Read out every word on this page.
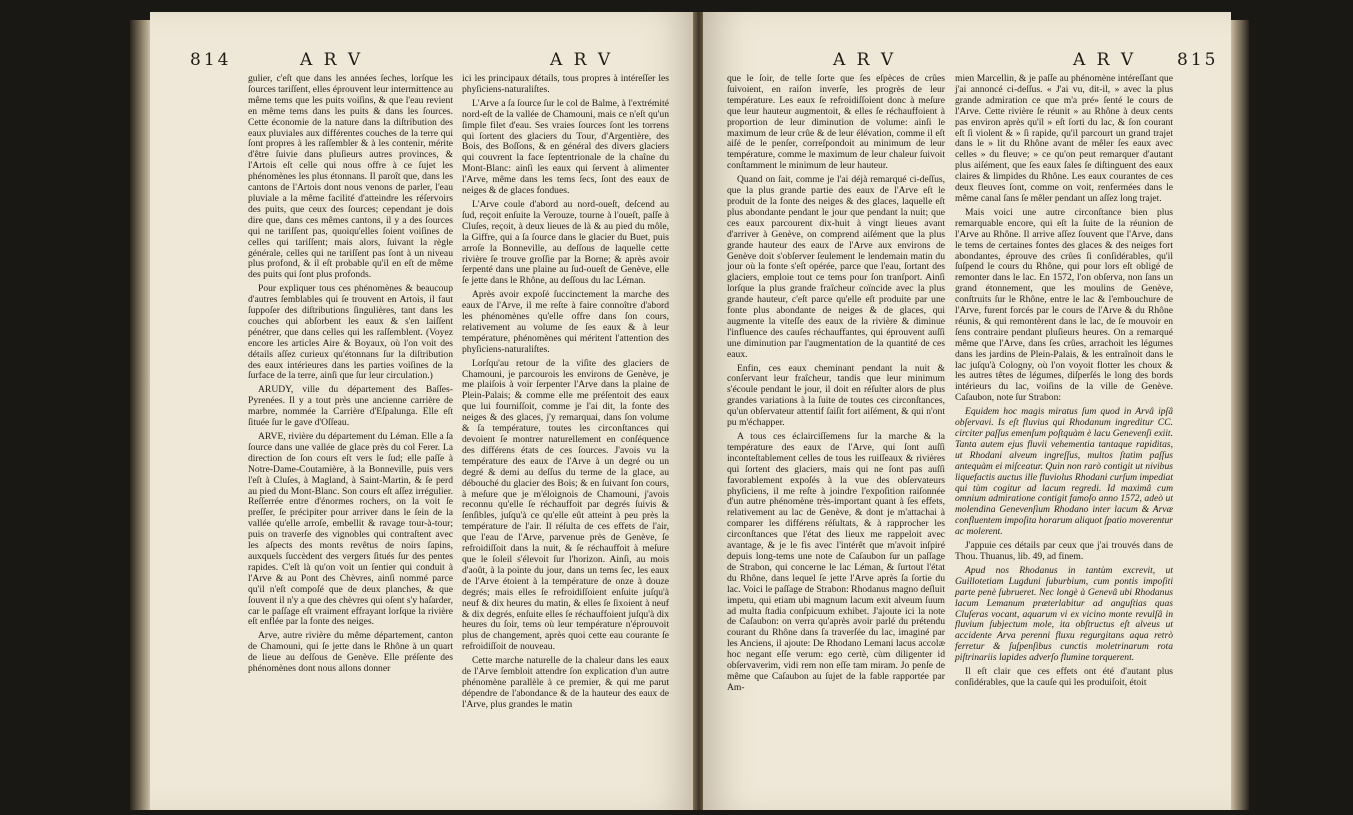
814	A R V	A R V

gulier, c'eſt que dans les années ſeches, lorſque les ſources tariſſent, elles éprouvent leur intermittence au même tems que les puits voiſins, & que l'eau revient en même tems dans les puits & dans les ſources. Cette économie de la nature dans la diſtribution des eaux pluviales aux différentes couches de la terre qui ſont propres à les raſſembler & à les contenir, mérite d'être ſuivie dans pluſieurs autres provinces, & l'Artois eſt celle qui nous offre à ce ſujet les phénomènes les plus étonnans. Il paroît que, dans les cantons de l'Artois dont nous venons de parler, l'eau pluviale a la même facilité d'atteindre les réſervoirs des puits, que ceux des ſources; cependant je dois dire que, dans ces mêmes cantons, il y a des ſources qui ne tariſſent pas, quoiqu'elles ſoient voiſines de celles qui tariſſent; mais alors, ſuivant la règle générale, celles qui ne tariſſent pas ſont à un niveau plus profond, & il eſt probable qu'il en eſt de même des puits qui ſont plus profonds.

Pour expliquer tous ces phénomènes & beaucoup d'autres ſemblables qui ſe trouvent en Artois, il faut ſuppoſer des diſtributions ſingulières, tant dans les couches qui abſorbent les eaux & s'en laiſſent pénétrer, que dans celles qui les raſſemblent. (Voyez encore les articles Aire & Boyaux, où l'on voit des détails aſſez curieux qu'étonnans ſur la diſtribution des eaux intérieures dans les parties voiſines de la ſurface de la terre, ainſi que ſur leur circulation.)

ARUDY, ville du département des Baſſes-Pyrenées. Il y a tout près une ancienne carrière de marbre, nommée la Carrière d'Eſpalunga. Elle eſt ſituée ſur le gave d'Oſſeau.

ARVE, rivière du département du Léman. Elle a ſa ſource dans une vallée de glace près du col Ferer. La direction de ſon cours eſt vers le ſud; elle paſſe à Notre-Dame-Coutamière, à la Bonneville, puis vers l'eſt à Cluſes, à Magland, à Saint-Martin, & ſe perd au pied du Mont-Blanc. Son cours eſt aſſez irrégulier. Reſſerrée entre d'énormes rochers, on la voit ſe preſſer, ſe précipiter pour arriver dans le ſein de la vallée qu'elle arroſe, embellit & ravage tour-à-tour; puis on traverſe des vignobles qui contraſtent avec les aſpects des monts revêtus de noirs ſapins, auxquels ſuccèdent des vergers ſitués ſur des pentes rapides. C'eſt là qu'on voit un ſentier qui conduit à l'Arve & au Pont des Chèvres, ainſi nommé parce qu'il n'eſt compoſé que de deux planches, & que ſouvent il n'y a que des chèvres qui oſent s'y haſarder, car le paſſage eſt vraiment effrayant lorſque la rivière eſt enflée par la fonte des neiges.

Arve, autre rivière du même département, canton de Chamouni, qui ſe jette dans le Rhône à un quart de lieue au deſſous de Genève. Elle préſente des phénomènes dont nous allons donner

ici les principaux détails, tous propres à intéreſſer les phyſiciens-naturaliſtes.

L'Arve a ſa ſource ſur le col de Balme, à l'extrémité nord-eſt de la vallée de Chamouni, mais ce n'eſt qu'un ſimple filet d'eau. Ses vraies ſources ſont les torrens qui ſortent des glaciers du Tour, d'Argentière, des Bois, des Boſſons, & en général des divers glaciers qui couvrent la face ſeptentrionale de la chaîne du Mont-Blanc: ainſi les eaux qui ſervent à alimenter l'Arve, même dans les tems ſecs, ſont des eaux de neiges & de glaces fondues.

L'Arve coule d'abord au nord-oueſt, deſcend au ſud, reçoit enſuite la Verouze, tourne à l'oueſt, paſſe à Cluſes, reçoit, à deux lieues de là & au pied du môle, la Giffre, qui a ſa ſource dans le glacier du Buet, puis arroſe la Bonneville, au deſſous de laquelle cette rivière ſe trouve groſſie par la Borne; & après avoir ſerpenté dans une plaine au ſud-oueſt de Genève, elle ſe jette dans le Rhône, au deſſous du lac Léman.

Après avoir expoſé ſuccinctement la marche des eaux de l'Arve, il me reſte à faire connoître d'abord les phénomènes qu'elle offre dans ſon cours, relativement au volume de ſes eaux & à leur température, phénomènes qui méritent l'attention des phyſiciens-naturaliſtes.

Lorſqu'au retour de la viſite des glaciers de Chamouni, je parcourois les environs de Genève, je me plaiſois à voir ſerpenter l'Arve dans la plaine de Plein-Palais; & comme elle me préſentoit des eaux que lui fourniſſoit, comme je l'ai dit, la fonte des neiges & des glaces, j'y remarquai, dans ſon volume & ſa température, toutes les circonſtances qui devoient ſe montrer naturellement en conſéquence des différens états de ces ſources. J'avois vu la température des eaux de l'Arve à un degré ou un degré & demi au deſſus du terme de la glace, au débouché du glacier des Bois; & en ſuivant ſon cours, à meſure que je m'éloignois de Chamouni, j'avois reconnu qu'elle ſe réchauffoit par degrés ſuivis & ſenſibles, juſqu'à ce qu'elle eût atteint à peu près la température de l'air. Il réſulta de ces effets de l'air, que l'eau de l'Arve, parvenue près de Genève, ſe refroidiſſoit dans la nuit, & ſe réchauffoit à meſure que le ſoleil s'élevoit ſur l'horizon. Ainſi, au mois d'août, à la pointe du jour, dans un tems ſec, les eaux de l'Arve étoient à la température de onze à douze degrés; mais elles ſe refroidiſſoient enſuite juſqu'à neuf & dix heures du matin, & elles ſe ſixoient à neuf & dix degrés, enſuite elles ſe réchauffoient juſqu'à dix heures du ſoir, tems où leur température n'éprouvoit plus de changement, après quoi cette eau courante ſe refroidiſſoit de nouveau.

Cette marche naturelle de la chaleur dans les eaux de l'Arve ſembloit attendre ſon explication d'un autre phénomène parallèle à ce premier, & qui me parut dépendre de l'abondance & de la hauteur des eaux de l'Arve, plus grandes le matin

A R V	A R V 815

que le ſoir, de telle ſorte que ſes eſpèces de crûes ſuivoient, en raiſon inverſe, les progrès de leur température. Les eaux ſe refroidiſſoient donc à meſure que leur hauteur augmentoit, & elles ſe réchauffoient à proportion de leur diminution de volume: ainſi le maximum de leur crûe & de leur élévation, comme il eſt aiſé de le penſer, correſpondoit au minimum de leur température, comme le maximum de leur chaleur ſuivoit conſtamment le minimum de leur hauteur.

Quand on ſait, comme je l'ai déjà remarqué ci-deſſus, que la plus grande partie des eaux de l'Arve eſt le produit de la fonte des neiges & des glaces, laquelle eſt plus abondante pendant le jour que pendant la nuit; que ces eaux parcourent dix-huit à vingt lieues avant d'arriver à Genève, on comprend aiſément que la plus grande hauteur des eaux de l'Arve aux environs de Genève doit s'obſerver ſeulement le lendemain matin du jour où la fonte s'eſt opérée, parce que l'eau, ſortant des glaciers, emploie tout ce tems pour ſon tranſport. Ainſi lorſque la plus grande fraîcheur coïncide avec la plus grande hauteur, c'eſt parce qu'elle eſt produite par une fonte plus abondante de neiges & de glaces, qui augmente la viteſſe des eaux de la rivière & diminue l'influence des cauſes réchauffantes, qui éprouvent auſſi une diminution par l'augmentation de la quantité de ces eaux.

Enfin, ces eaux cheminant pendant la nuit & conſervant leur fraîcheur, tandis que leur minimum s'écoule pendant le jour, il doit en réſulter alors de plus grandes variations à la ſuite de toutes ces circonſtances, qu'un obſervateur attentif ſaiſit fort aiſément, & qui n'ont pu m'échapper.

A tous ces éclairciſſemens ſur la marche & la température des eaux de l'Arve, qui ſont auſſi inconteſtablement celles de tous les ruiſſeaux & rivières qui ſortent des glaciers, mais qui ne ſont pas auſſi favorablement expoſés à la vue des obſervateurs phyſiciens, il me reſte à joindre l'expoſition raiſonnée d'un autre phénomène très-important quant à ſes effets, relativement au lac de Genève, & dont je m'attachai à comparer les différens réſultats, & à rapprocher les circonſtances que l'état des lieux me rappeloit avec avantage, & je le fis avec l'intérêt que m'avoit inſpiré depuis long-tems une note de Caſaubon ſur un paſſage de Strabon, qui concerne le lac Léman, & ſurtout l'état du Rhône, dans lequel ſe jette l'Arve après ſa ſortie du lac. Voici le paſſage de Strabon: Rhodanus magno deſluit impetu, qui etiam ubi magnum lacum exit alveum ſuum ad multa ſtadia conſpicuum exhibet. J'ajoute ici la note de Caſaubon: on verra qu'après avoir parlé du prétendu courant du Rhône dans ſa traverſée du lac, imaginé par les Anciens, il ajoute: De Rhodano Lemani lacus accolæ hoc negant eſſe verum: ego certè, cùm diligenter id obſervaverim, vidi rem non eſſe tam miram. Jo penſe de même que Caſaubon au ſujet de la fable rapportée par Am-

mien Marcellin, & je paſſe au phénomène intéreſſant que j'ai annoncé ci-deſſus. « J'ai vu, dit-il, » avec la plus grande admiration ce que m'a pré» ſenté le cours de l'Arve. Cette rivière ſe réunit » au Rhône à deux cents pas environ après qu'il » eſt ſorti du lac, & ſon courant eſt ſi violent & » ſi rapide, qu'il parcourt un grand trajet dans le » lit du Rhône avant de mêler ſes eaux avec celles » du fleuve; » ce qu'on peut remarquer d'autant plus aiſément, que ſes eaux ſales ſe diſtinguent des eaux claires & limpides du Rhône. Les eaux courantes de ces deux fleuves ſont, comme on voit, renfermées dans le même canal ſans ſe mêler pendant un aſſez long trajet.

Mais voici une autre circonſtance bien plus remarquable encore, qui eſt la ſuite de la réunion de l'Arve au Rhône. Il arrive aſſez ſouvent que l'Arve, dans le tems de certaines fontes des glaces & des neiges fort abondantes, éprouve des crûes ſi conſidérables, qu'il ſuſpend le cours du Rhône, qui pour lors eſt obligé de remonter dans le lac. En 1572, l'on obſerva, non ſans un grand étonnement, que les moulins de Genève, conſtruits ſur le Rhône, entre le lac & l'embouchure de l'Arve, furent forcés par le cours de l'Arve & du Rhône réunis, & qui remontèrent dans le lac, de ſe mouvoir en ſens contraire pendant pluſieurs heures. On a remarqué même que l'Arve, dans ſes crûes, arrachoit les légumes dans les jardins de Plein-Palais, & les entraînoit dans le lac juſqu'à Cologny, où l'on voyoit flotter les choux & les autres têtes de légumes, diſperſés le long des bords intérieurs du lac, voiſins de la ville de Genève. Caſaubon, note ſur Strabon:

Equidem hoc magis miratus ſum quod in Arvâ ipſâ obſervavi. Is eſt fluvius qui Rhodanum ingreditur CC. circiter paſſus emenſum poſtquàm è lacu Genevenſi exiit. Tanta autem ejus fluvii vehementia tantaque rapiditas, ut Rhodani alveum ingreſſus, multos ſtatim paſſus antequàm ei miſceatur. Quin non rarò contigit ut nivibus liquefactis auctus ille fluviolus Rhodani curſum impediat qui tùm cogitur ad lacum regredi. Id maximâ cum omnium admiratione contigit famoſo anno 1572, adeò ut molendina Genevenſium Rhodano inter lacum & Arvæ confluentem impoſita horarum aliquot ſpatio moverentur ac molerent.

J'appuie ces détails par ceux que j'ai trouvés dans de Thou. Thuanus, lib. 49, ad finem.

Apud nos Rhodanus in tantùm excrevit, ut Guillotetiam Lugduni ſuburbium, cum pontis impoſiti parte penè ſubrueret. Nec longè à Genevâ ubi Rhodanus lacum Lemanum præterlabitur ad anguſtias quas Cluſeras vocant, aquarum vi ex vicino monte revulſâ in fluvium ſubjectum mole, ita obſtructus eſt alveus ut accidente Arva perenni fluxu regurgitans aqua retrò ferretur & ſuſpenſibus cunctis moletrinarum rota piſtrinariis lapides adverſo flumine torquerent.

Il eſt clair que ces effets ont été d'autant plus conſidérables, que la cauſe qui les produiſoit, étoit
